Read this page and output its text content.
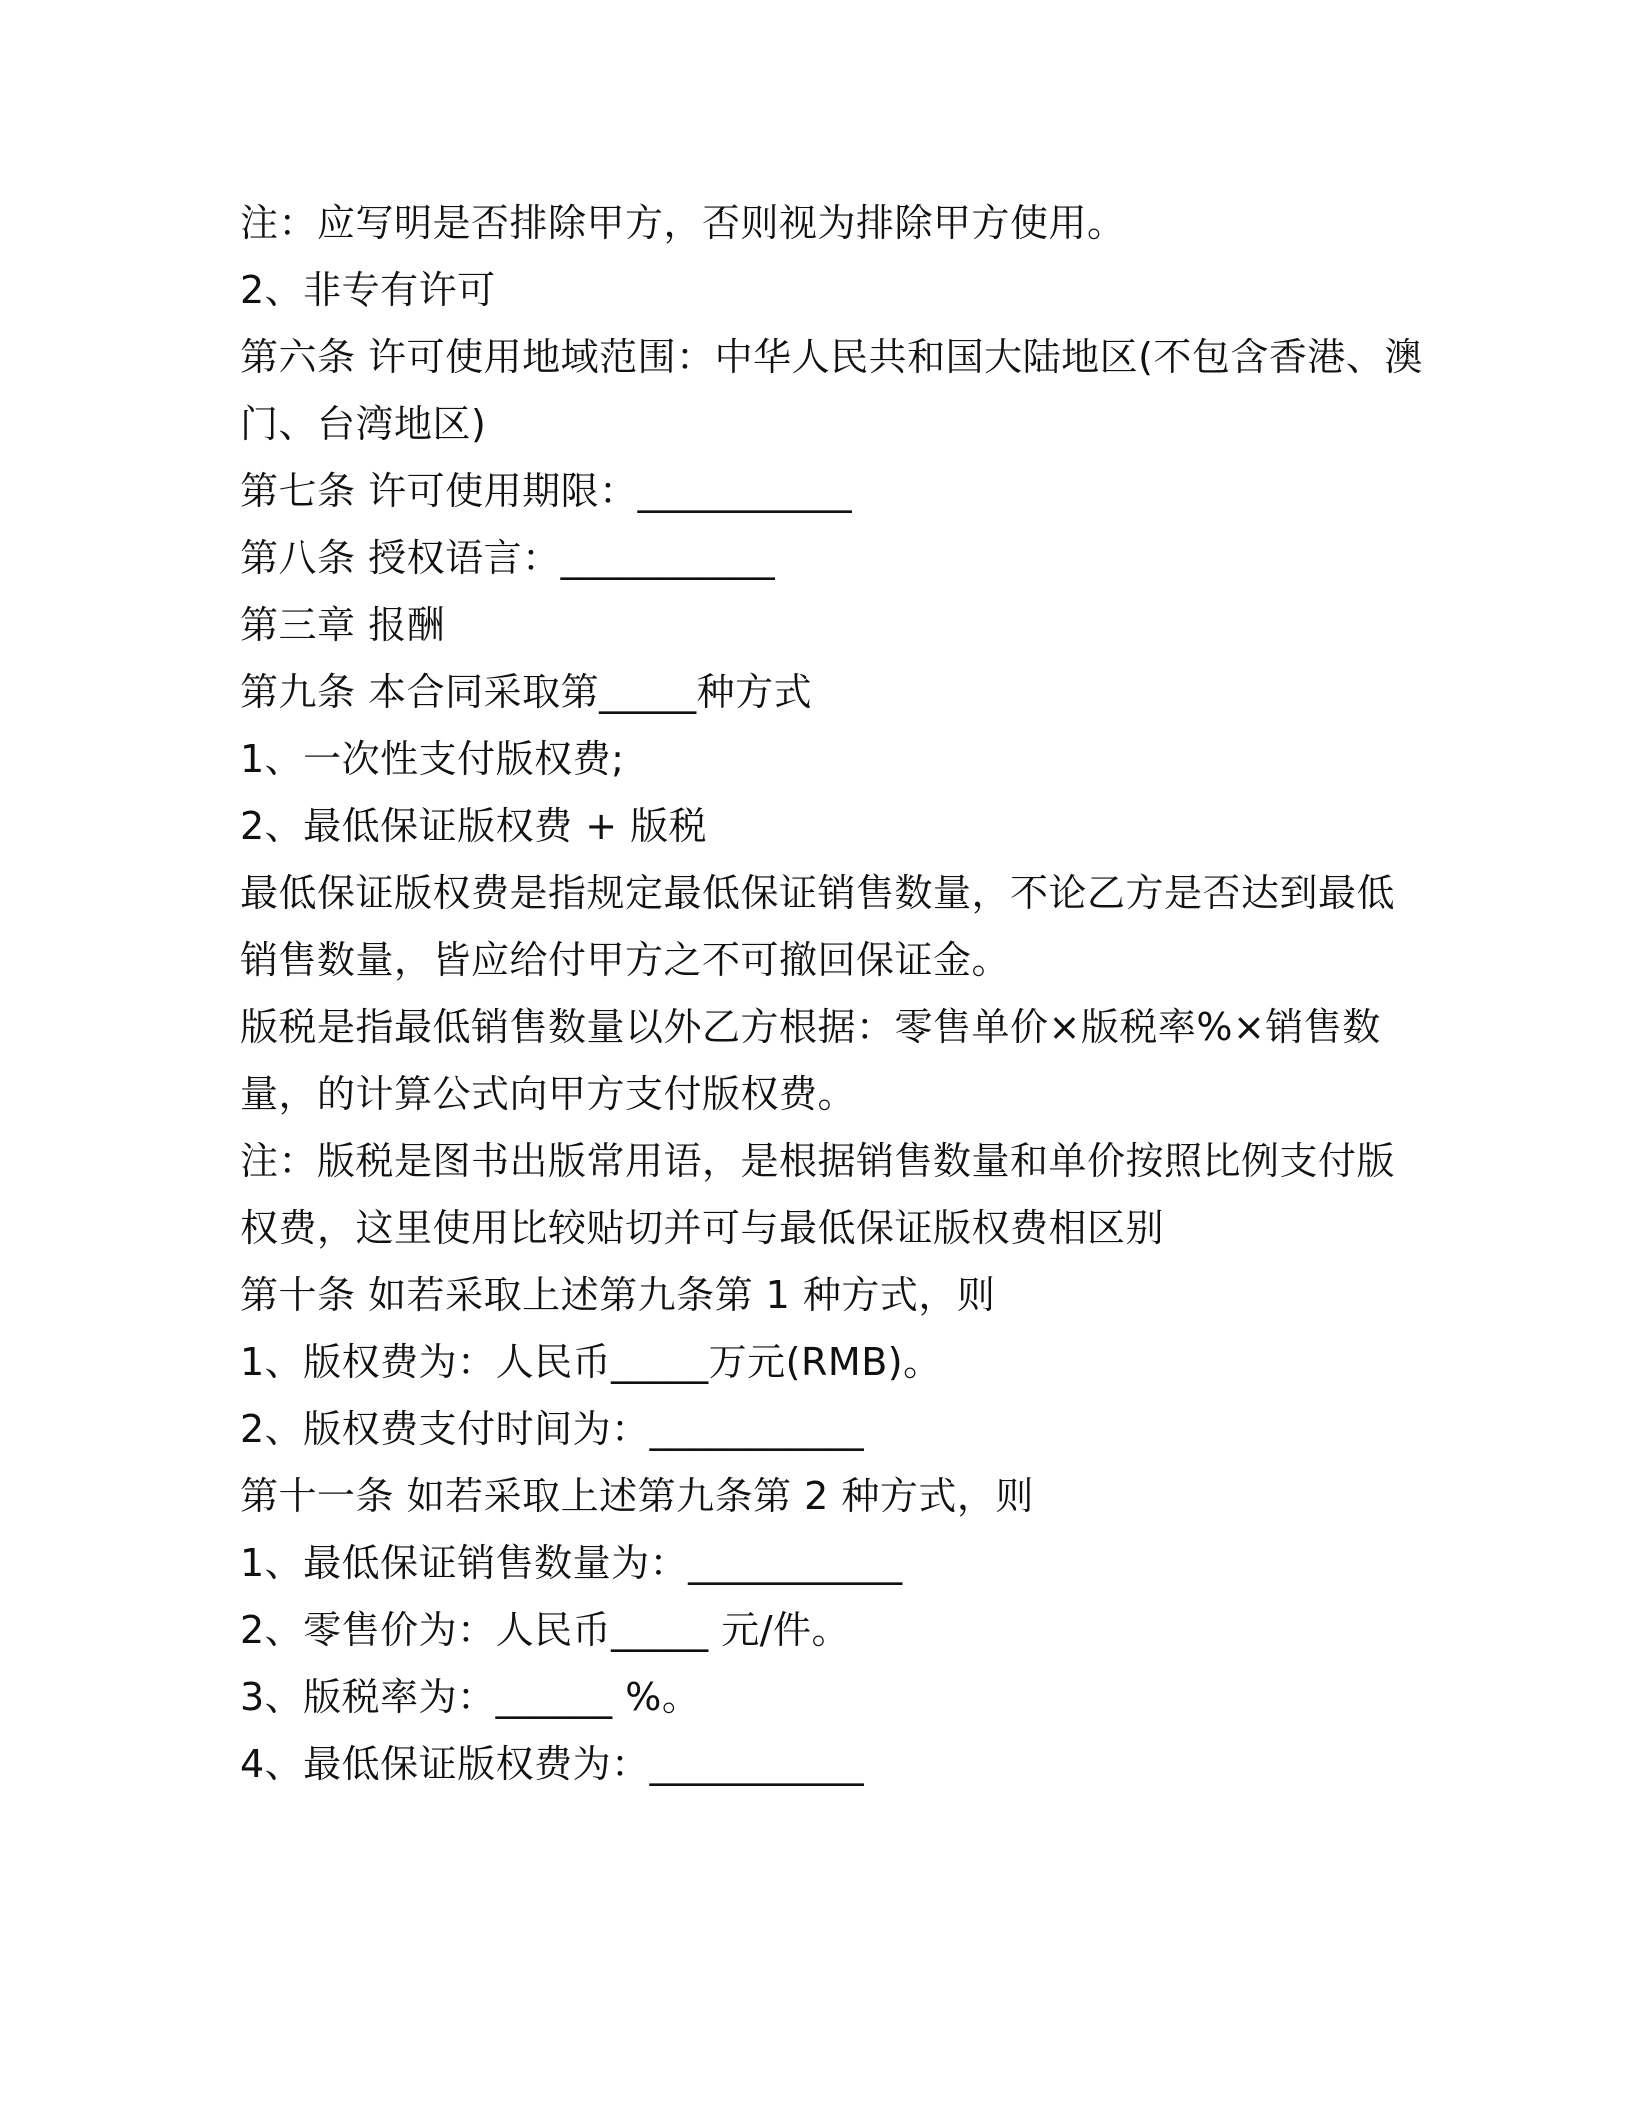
注：应写明是否排除甲方，否则视为排除甲方使用。
2、非专有许可
第六条 许可使用地域范围：中华人民共和国大陆地区(不包含香港、澳
门、台湾地区)
第七条 许可使用期限：___________
第八条 授权语言：___________
第三章 报酬
第九条 本合同采取第_____种方式
1、一次性支付版权费;
2、最低保证版权费 + 版税
最低保证版权费是指规定最低保证销售数量，不论乙方是否达到最低
销售数量，皆应给付甲方之不可撤回保证金。
版税是指最低销售数量以外乙方根据：零售单价×版税率%×销售数
量，的计算公式向甲方支付版权费。
注：版税是图书出版常用语，是根据销售数量和单价按照比例支付版
权费，这里使用比较贴切并可与最低保证版权费相区别
第十条 如若采取上述第九条第 1 种方式，则
1、版权费为：人民币_____万元(RMB)。
2、版权费支付时间为：___________
第十一条 如若采取上述第九条第 2 种方式，则
1、最低保证销售数量为：___________
2、零售价为：人民币_____ 元/件。
3、版税率为：______ %。
4、最低保证版权费为：___________
